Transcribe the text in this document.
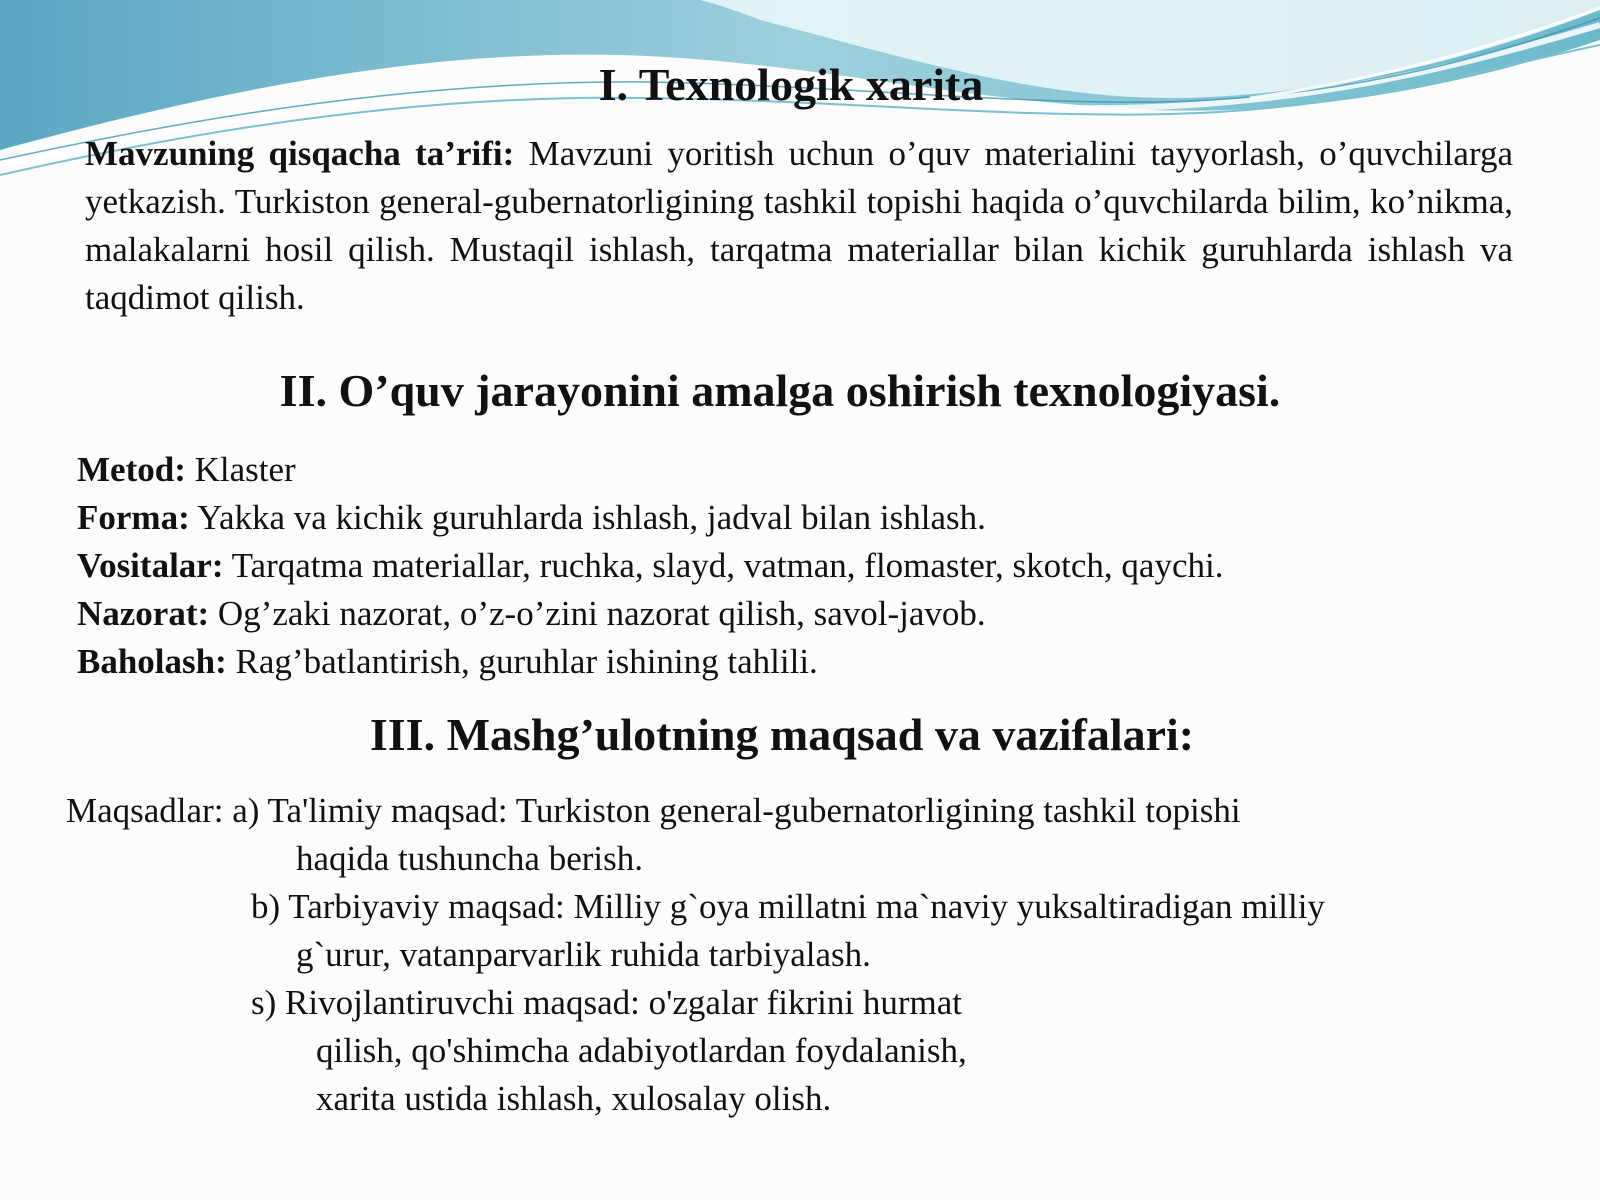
I. Texnologik xarita

Mavzuning qisqacha ta’rifi: Mavzuni yoritish uchun o’quv materialini tayyorlash, o’quvchilarga yetkazish. Turkiston general-gubernatorligining tashkil topishi haqida o’quvchilarda bilim, ko’nikma, malakalarni hosil qilish. Mustaqil ishlash, tarqatma materiallar bilan kichik guruhlarda ishlash va taqdimot qilish.

II. O’quv jarayonini amalga oshirish texnologiyasi.
Metod: Klaster
Forma: Yakka va kichik guruhlarda ishlash, jadval bilan ishlash.
Vositalar: Tarqatma materiallar, ruchka, slayd, vatman, flomaster, skotch, qaychi.
Nazorat: Og’zaki nazorat, o’z-o’zini nazorat qilish, savol-javob.
Baholash: Rag’batlantirish, guruhlar ishining tahlili.
III. Mashg’ulotning maqsad va vazifalari:
Maqsadlar: a) Ta'limiy maqsad: Turkiston general-gubernatorligining tashkil topishi
haqida tushuncha berish.
b) Tarbiyaviy maqsad: Milliy g`oya millatni ma`naviy yuksaltiradigan milliy
g`urur, vatanparvarlik ruhida tarbiyalash.
s) Rivojlantiruvchi maqsad: o'zgalar fikrini hurmat
qilish, qo'shimcha adabiyotlardan foydalanish,
xarita ustida ishlash, xulosalay olish.
